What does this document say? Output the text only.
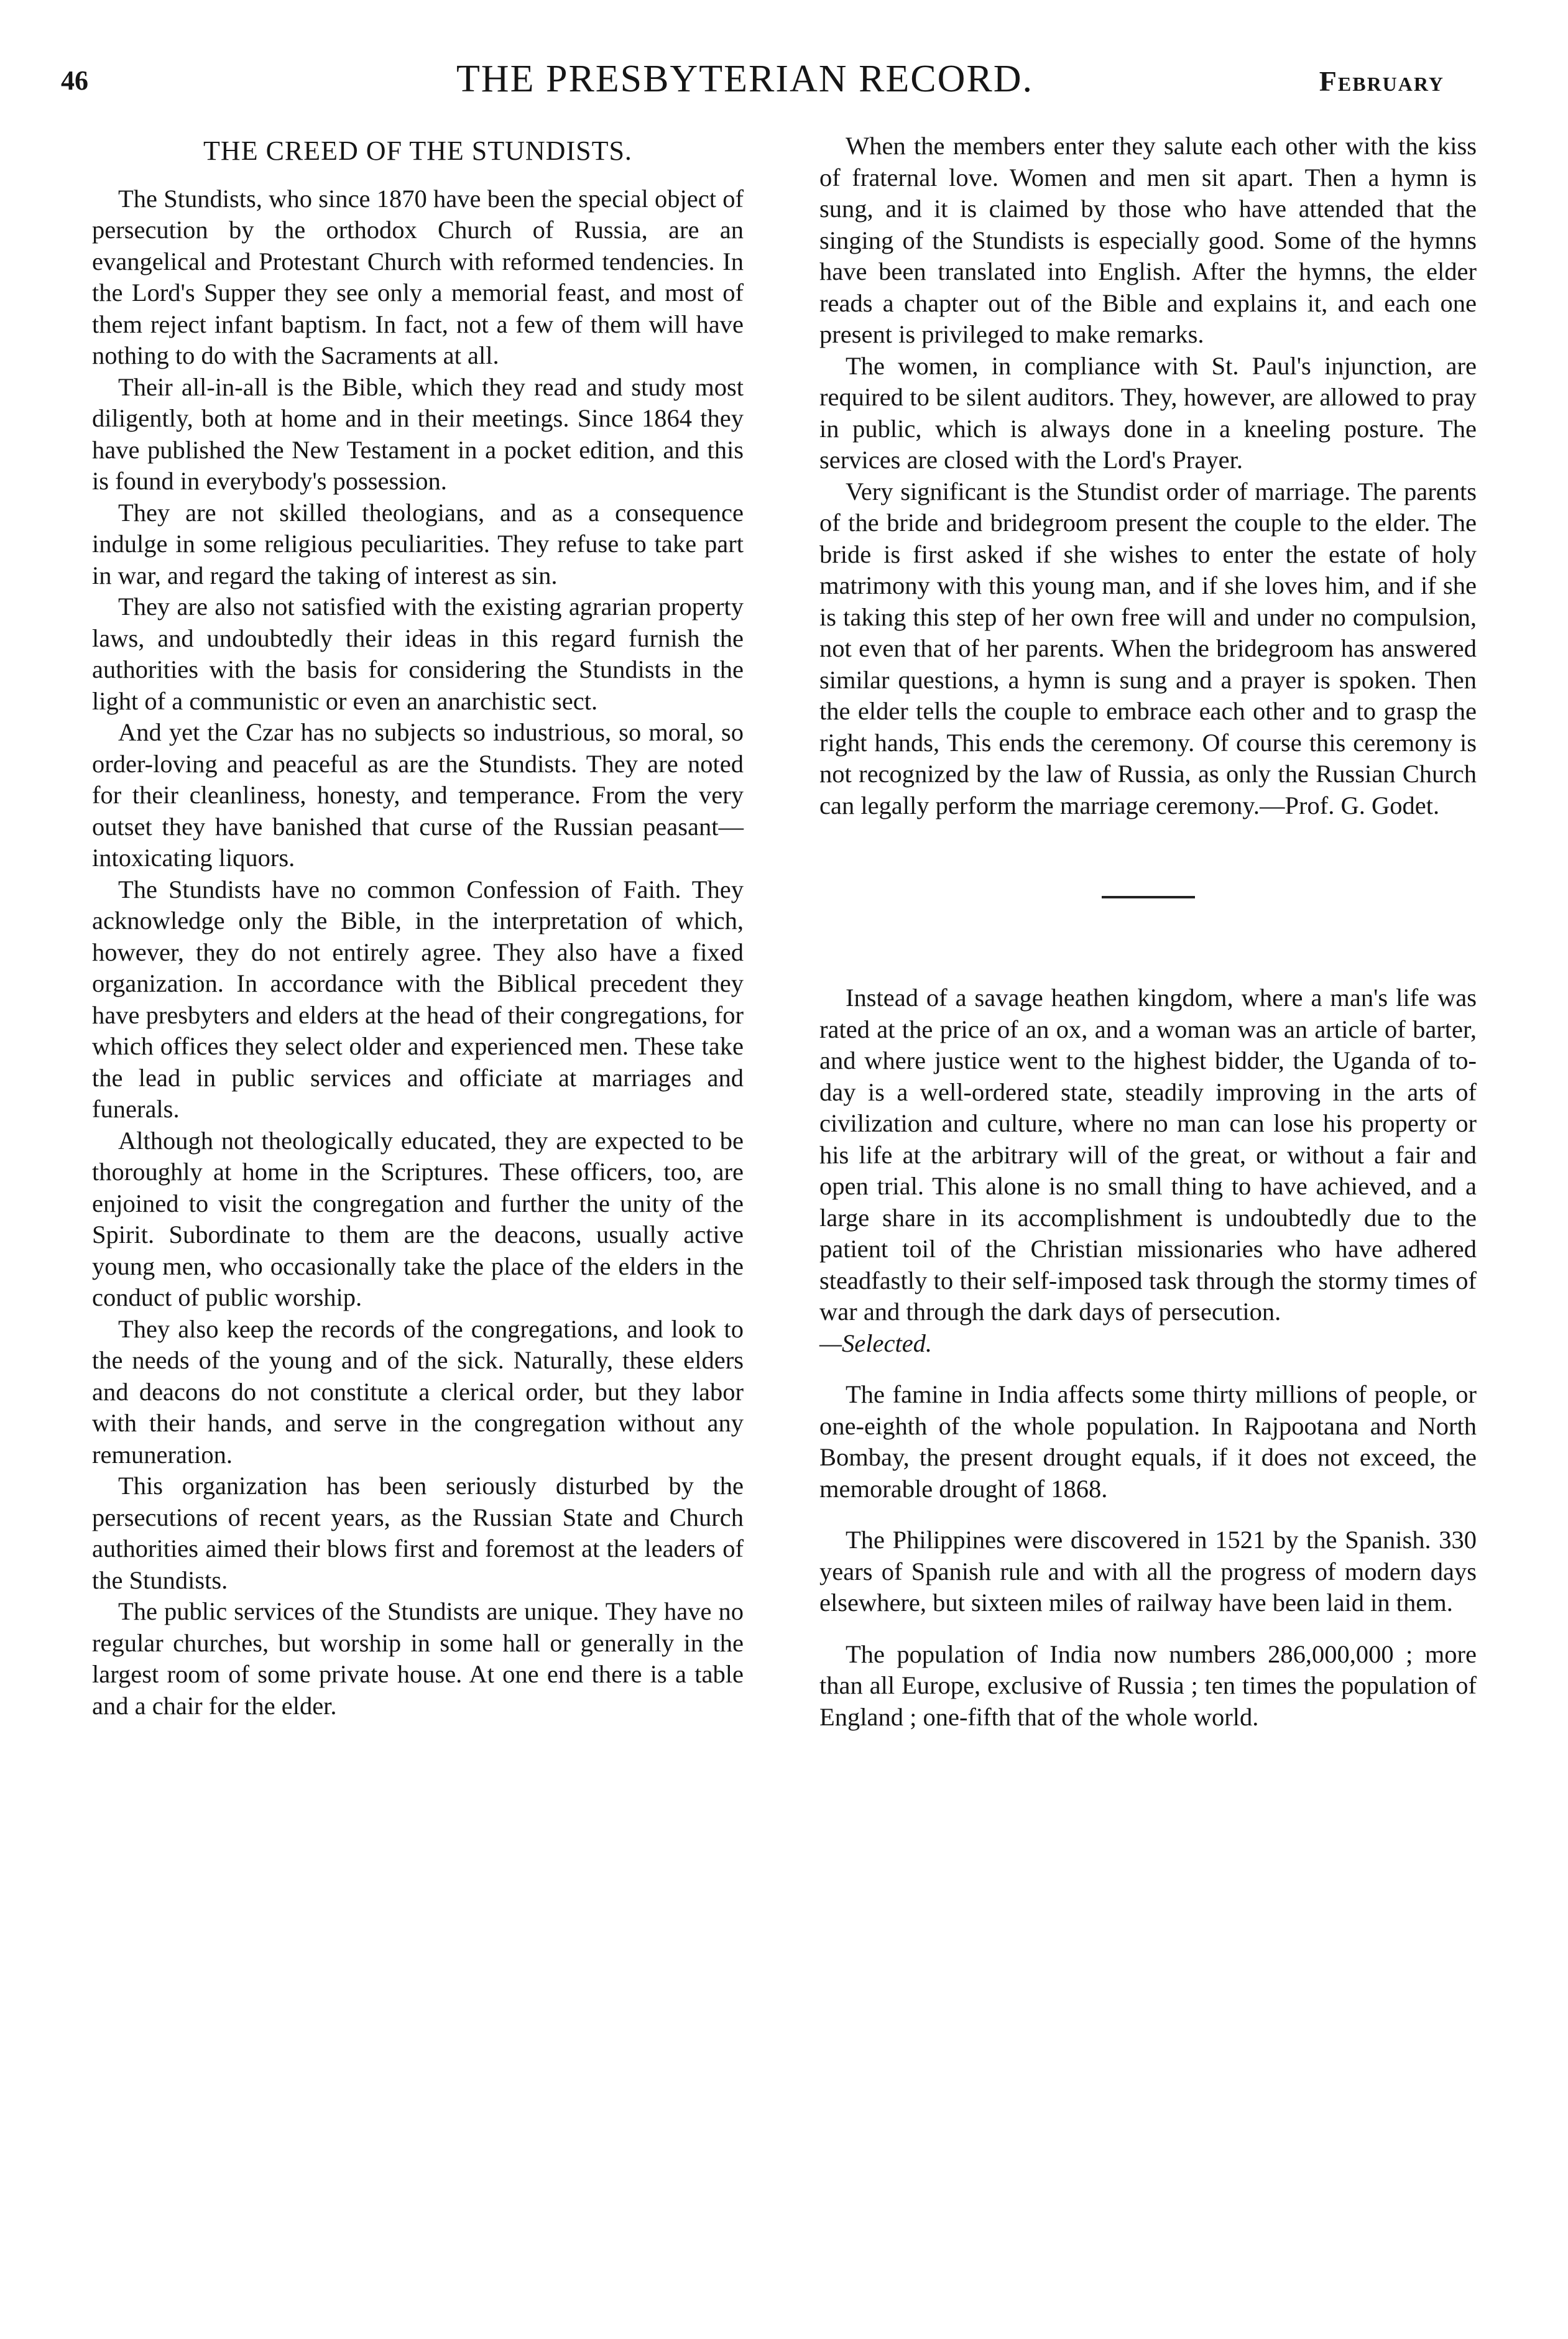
46	THE PRESBYTERIAN RECORD.	February
THE CREED OF THE STUNDISTS.

The Stundists, who since 1870 have been the special object of persecution by the orthodox Church of Russia, are an evangelical and Protestant Church with reformed tendencies. In the Lord's Supper they see only a memorial feast, and most of them reject infant baptism. In fact, not a few of them will have nothing to do with the Sacraments at all.

Their all-in-all is the Bible, which they read and study most diligently, both at home and in their meetings. Since 1864 they have published the New Testament in a pocket edition, and this is found in everybody's possession.

They are not skilled theologians, and as a consequence indulge in some religious peculiarities. They refuse to take part in war, and regard the taking of interest as sin.

They are also not satisfied with the existing agrarian property laws, and undoubtedly their ideas in this regard furnish the authorities with the basis for considering the Stundists in the light of a communistic or even an anarchistic sect.

And yet the Czar has no subjects so industrious, so moral, so order-loving and peaceful as are the Stundists. They are noted for their cleanliness, honesty, and temperance. From the very outset they have banished that curse of the Russian peasant—intoxicating liquors.

The Stundists have no common Confession of Faith. They acknowledge only the Bible, in the interpretation of which, however, they do not entirely agree. They also have a fixed organization. In accordance with the Biblical precedent they have presbyters and elders at the head of their congregations, for which offices they select older and experienced men. These take the lead in public services and officiate at marriages and funerals.

Although not theologically educated, they are expected to be thoroughly at home in the Scriptures. These officers, too, are enjoined to visit the congregation and further the unity of the Spirit. Subordinate to them are the deacons, usually active young men, who occasionally take the place of the elders in the conduct of public worship.

They also keep the records of the congregations, and look to the needs of the young and of the sick. Naturally, these elders and deacons do not constitute a clerical order, but they labor with their hands, and serve in the congregation without any remuneration.

This organization has been seriously disturbed by the persecutions of recent years, as the Russian State and Church authorities aimed their blows first and foremost at the leaders of the Stundists.

The public services of the Stundists are unique. They have no regular churches, but worship in some hall or generally in the largest room of some private house. At one end there is a table and a chair for the elder.

When the members enter they salute each other with the kiss of fraternal love. Women and men sit apart. Then a hymn is sung, and it is claimed by those who have attended that the singing of the Stundists is especially good. Some of the hymns have been translated into English. After the hymns, the elder reads a chapter out of the Bible and explains it, and each one present is privileged to make remarks.

The women, in compliance with St. Paul's injunction, are required to be silent auditors. They, however, are allowed to pray in public, which is always done in a kneeling posture. The services are closed with the Lord's Prayer.

Very significant is the Stundist order of marriage. The parents of the bride and bridegroom present the couple to the elder. The bride is first asked if she wishes to enter the estate of holy matrimony with this young man, and if she loves him, and if she is taking this step of her own free will and under no compulsion, not even that of her parents. When the bridegroom has answered similar questions, a hymn is sung and a prayer is spoken. Then the elder tells the couple to embrace each other and to grasp the right hands, This ends the ceremony. Of course this ceremony is not recognized by the law of Russia, as only the Russian Church can legally perform the marriage ceremony.—Prof. G. Godet.

Instead of a savage heathen kingdom, where a man's life was rated at the price of an ox, and a woman was an article of barter, and where justice went to the highest bidder, the Uganda of to-day is a well-ordered state, steadily improving in the arts of civilization and culture, where no man can lose his property or his life at the arbitrary will of the great, or without a fair and open trial. This alone is no small thing to have achieved, and a large share in its accomplishment is undoubtedly due to the patient toil of the Christian missionaries who have adhered steadfastly to their self-imposed task through the stormy times of war and through the dark days of persecution.
—Selected.

The famine in India affects some thirty millions of people, or one-eighth of the whole population. In Rajpootana and North Bombay, the present drought equals, if it does not exceed, the memorable drought of 1868.

The Philippines were discovered in 1521 by the Spanish. 330 years of Spanish rule and with all the progress of modern days elsewhere, but sixteen miles of railway have been laid in them.

The population of India now numbers 286,000,000 ; more than all Europe, exclusive of Russia ; ten times the population of England ; one-fifth that of the whole world.
